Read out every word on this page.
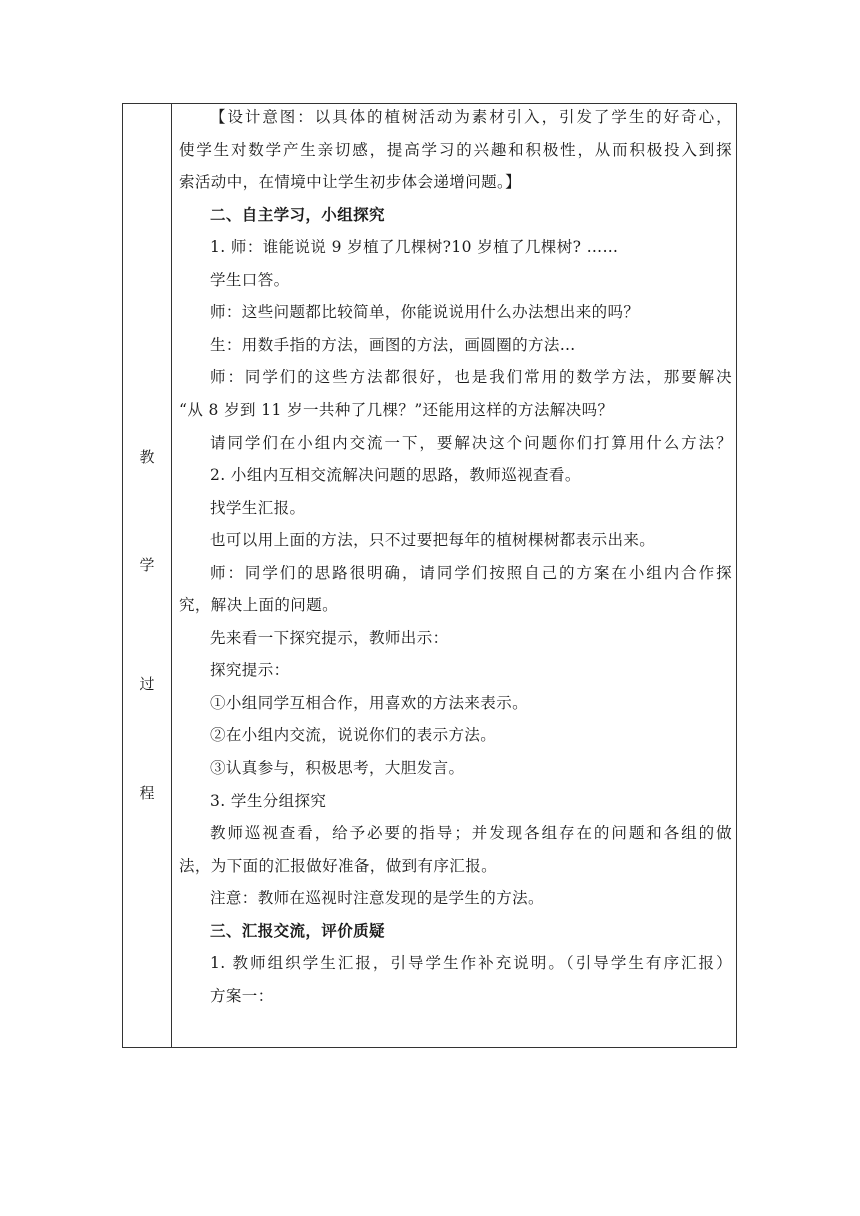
教
学
过
程
【设计意图：以具体的植树活动为素材引入，引发了学生的好奇心，
使学生对数学产生亲切感，提高学习的兴趣和积极性，从而积极投入到探
索活动中，在情境中让学生初步体会递增问题。】
二、自主学习，小组探究
1. 师：谁能说说 9 岁植了几棵树?10 岁植了几棵树? ……
学生口答。
师：这些问题都比较简单，你能说说用什么办法想出来的吗？
生：用数手指的方法，画图的方法，画圆圈的方法…
师：同学们的这些方法都很好，也是我们常用的数学方法，那要解决
“从 8 岁到 11 岁一共种了几棵？”还能用这样的方法解决吗？
请同学们在小组内交流一下，要解决这个问题你们打算用什么方法？
2. 小组内互相交流解决问题的思路，教师巡视查看。
找学生汇报。
也可以用上面的方法，只不过要把每年的植树棵树都表示出来。
师：同学们的思路很明确，请同学们按照自己的方案在小组内合作探
究，解决上面的问题。
先来看一下探究提示，教师出示：
探究提示：
①小组同学互相合作，用喜欢的方法来表示。
②在小组内交流，说说你们的表示方法。
③认真参与，积极思考，大胆发言。
3. 学生分组探究
教师巡视查看，给予必要的指导；并发现各组存在的问题和各组的做
法，为下面的汇报做好准备，做到有序汇报。
注意：教师在巡视时注意发现的是学生的方法。
三、汇报交流，评价质疑
1. 教师组织学生汇报，引导学生作补充说明。（引导学生有序汇报）
方案一：
